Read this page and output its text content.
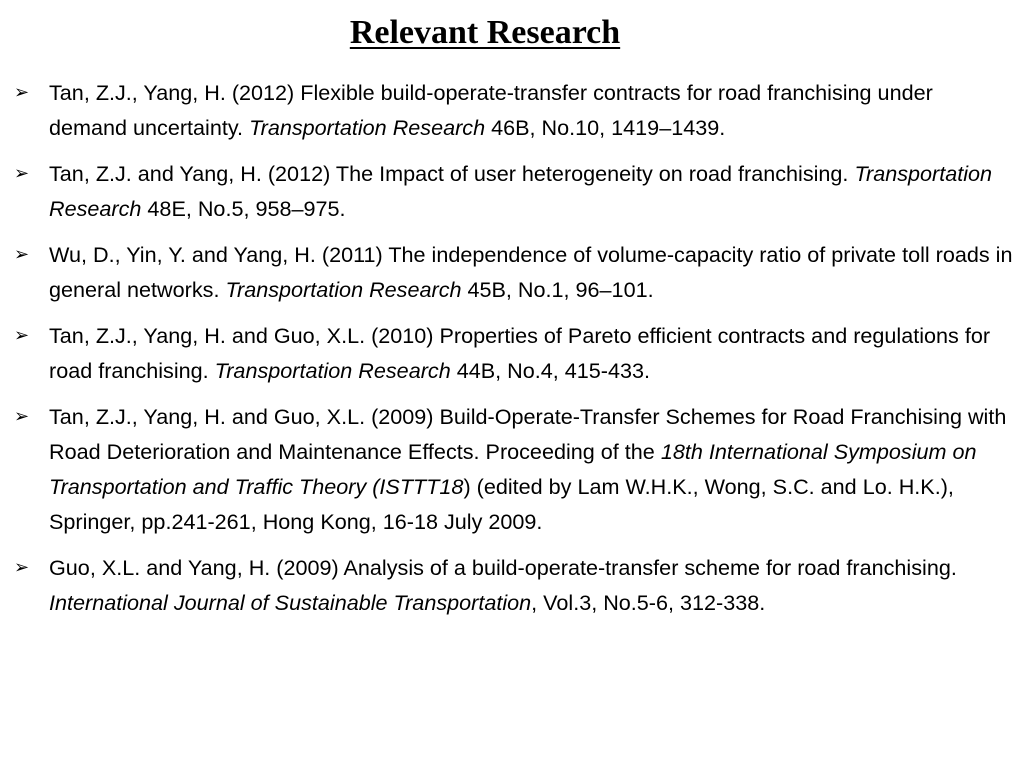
Relevant Research
➢ Tan, Z.J., Yang, H. (2012) Flexible build-operate-transfer contracts for road franchising under demand uncertainty. Transportation Research 46B, No.10, 1419–1439.
➢ Tan, Z.J. and Yang, H. (2012) The Impact of user heterogeneity on road franchising. Transportation Research 48E, No.5, 958–975.
➢ Wu, D., Yin, Y. and Yang, H. (2011) The independence of volume-capacity ratio of private toll roads in general networks. Transportation Research 45B, No.1, 96–101.
➢ Tan, Z.J., Yang, H. and Guo, X.L. (2010) Properties of Pareto efficient contracts and regulations for road franchising. Transportation Research 44B, No.4, 415-433.
➢ Tan, Z.J., Yang, H. and Guo, X.L. (2009) Build-Operate-Transfer Schemes for Road Franchising with Road Deterioration and Maintenance Effects. Proceeding of the 18th International Symposium on Transportation and Traffic Theory (ISTTT18) (edited by Lam W.H.K., Wong, S.C. and Lo. H.K.), Springer, pp.241-261, Hong Kong, 16-18 July 2009.
➢ Guo, X.L. and Yang, H. (2009) Analysis of a build-operate-transfer scheme for road franchising. International Journal of Sustainable Transportation, Vol.3, No.5-6, 312-338.
